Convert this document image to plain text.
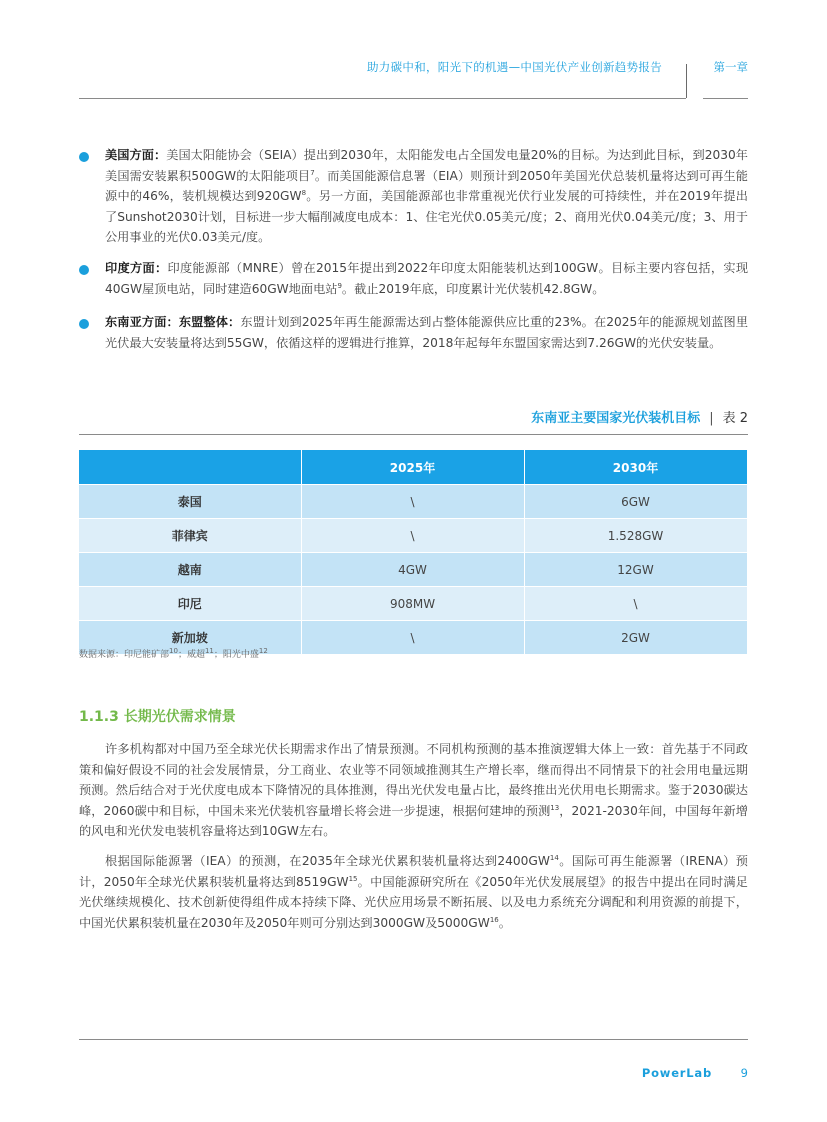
助力碳中和，阳光下的机遇—中国光伏产业创新趋势报告	第一章
美国方面：美国太阳能协会（SEIA）提出到2030年，太阳能发电占全国发电量20%的目标。为达到此目标，到2030年美国需安装累积500GW的太阳能项目$^7$。而美国能源信息署（EIA）则预计到2050年美国光伏总装机量将达到可再生能源中的46%，装机规模达到$920GW^8$。另一方面，美国能源部也非常重视光伏行业发展的可持续性，并在2019年提出了Sunshot2030计划，目标进一步大幅削减度电成本：1、住宅光伏0.05美元/度；2、商用光伏0.04美元/度；3、用于公用事业的光伏0.03美元/度。
印度方面：印度能源部（MNRE）曾在2015年提出到2022年印度太阳能装机达到100GW。目标主要内容包括，实现40GW屋顶电站，同时建造60GW地面电站$^9$。截止2019年底，印度累计光伏装机42.8GW。
东南亚方面：东盟整体：东盟计划到2025年再生能源需达到占整体能源供应比重的23%。在2025年的能源规划蓝图里光伏最大安装量将达到55GW，依循这样的逻辑进行推算，2018年起每年东盟国家需达到7.26GW的光伏安装量。
东南亚主要国家光伏装机目标 | 表 2
	2025年	2030年
泰国	\	6GW
菲律宾	\	1.528GW
越南	4GW	12GW
印尼	908MW	\
新加坡	\	2GW
数据来源：印尼能矿部$^{10}$；威超$^{11}$；阳光中盛$^{12}$
1.1.3 长期光伏需求情景
许多机构都对中国乃至全球光伏长期需求作出了情景预测。不同机构预测的基本推演逻辑大体上一致：首先基于不同政策和偏好假设不同的社会发展情景，分工商业、农业等不同领域推测其生产增长率，继而得出不同情景下的社会用电量远期预测。然后结合对于光伏度电成本下降情况的具体推测，得出光伏发电量占比，最终推出光伏用电长期需求。鉴于2030碳达峰，2060碳中和目标，中国未来光伏装机容量增长将会进一步提速，根据何建坤的预测$^{13}$，2021-2030年间，中国每年新增的风电和光伏发电装机容量将达到10GW左右。
根据国际能源署（IEA）的预测，在2035年全球光伏累积装机量将达到2400GW$^{14}$。国际可再生能源署（IRENA）预计，2050年全球光伏累积装机量将达到8519GW$^{15}$。中国能源研究所在《2050年光伏发展展望》的报告中提出在同时满足光伏继续规模化、技术创新使得组件成本持续下降、光伏应用场景不断拓展、以及电力系统充分调配和利用资源的前提下，中国光伏累积装机量在2030年及2050年则可分别达到3000GW及5000GW$^{16}$。
PowerLab	9
